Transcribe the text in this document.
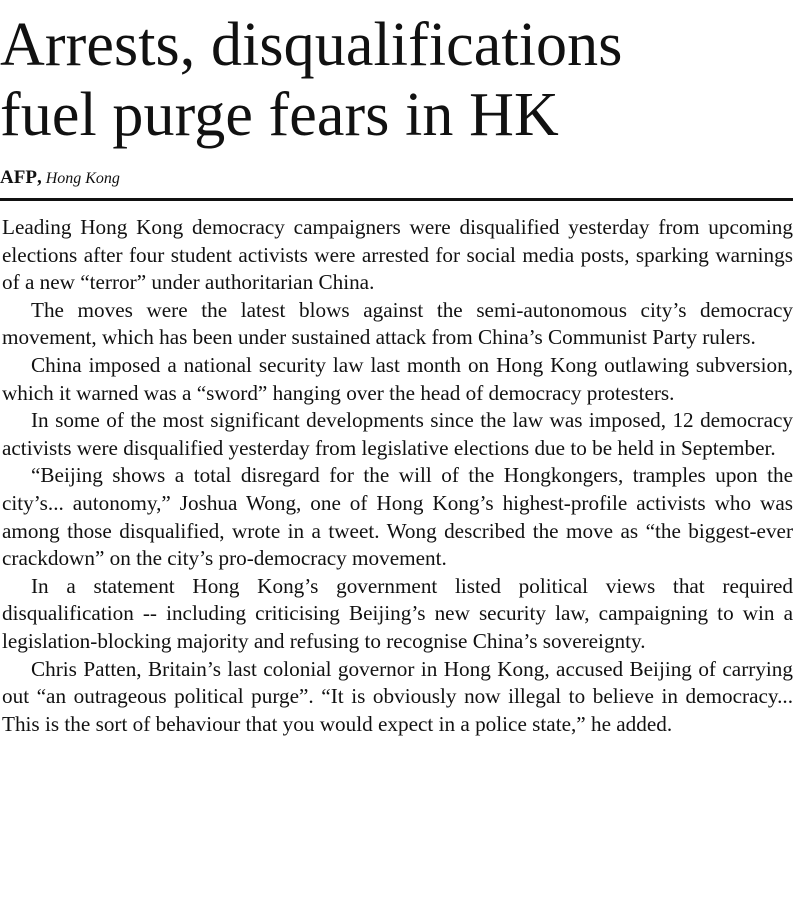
Arrests, disqualifications
fuel purge fears in HK
AFP, Hong Kong

Leading Hong Kong democracy campaigners were disqualified yesterday from upcoming elections after four student activists were arrested for social media posts, sparking warnings of a new “terror” under authoritarian China.

The moves were the latest blows against the semi-autonomous city’s democracy movement, which has been under sustained attack from China’s Communist Party rulers.

China imposed a national security law last month on Hong Kong outlawing subversion, which it warned was a “sword” hanging over the head of democracy protesters.

In some of the most significant developments since the law was imposed, 12 democracy activists were disqualified yesterday from legislative elections due to be held in September.

“Beijing shows a total disregard for the will of the Hongkongers, tramples upon the city’s... autonomy,” Joshua Wong, one of Hong Kong’s highest-profile activists who was among those disqualified, wrote in a tweet. Wong described the move as “the biggest-ever crackdown” on the city’s pro-democracy movement.

In a statement Hong Kong’s government listed political views that required disqualification -- including criticising Beijing’s new security law, campaigning to win a legislation-blocking majority and refusing to recognise China’s sovereignty.

Chris Patten, Britain’s last colonial governor in Hong Kong, accused Beijing of carrying out “an outrageous political purge”. “It is obviously now illegal to believe in democracy... This is the sort of behaviour that you would expect in a police state,” he added.
